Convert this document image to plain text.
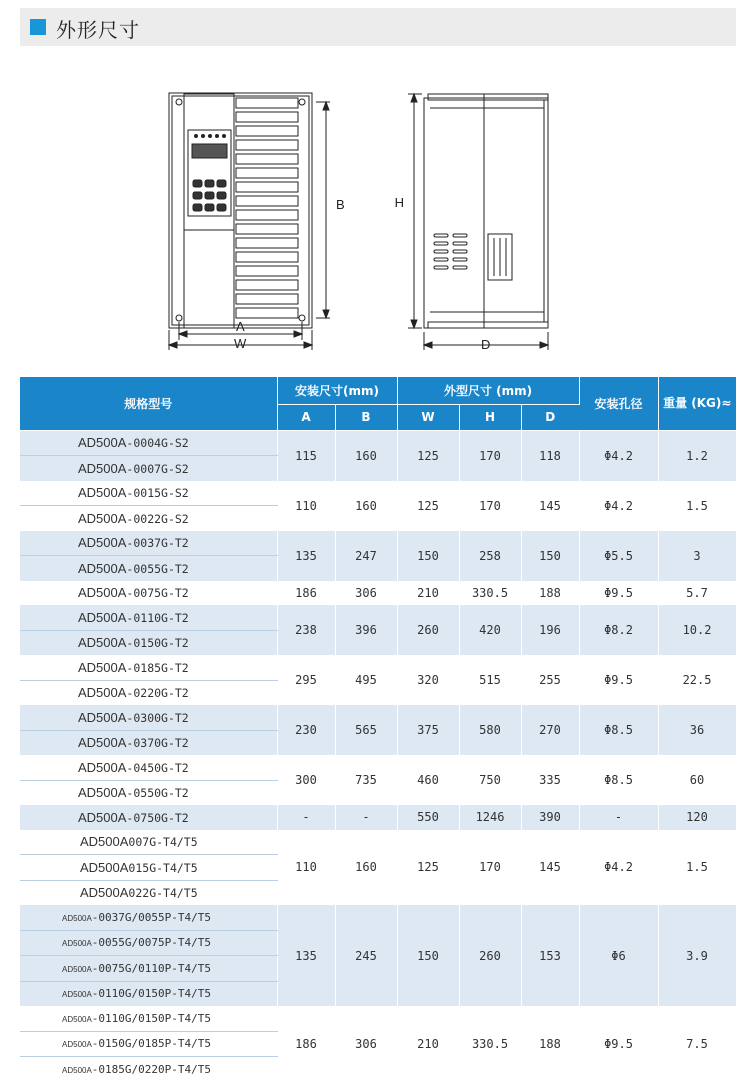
外形尺寸
B
A
W
H
D
规格型号	安装尺寸(mm)		外型尺寸 (mm)			安装孔径	重量 (KG)≈
	A	B	W	H	D		
AD500A-0004G-S2	115	160	125	170	118	Φ4.2	1.2
AD500A-0007G-S2							
AD500A-0015G-S2	110	160	125	170	145	Φ4.2	1.5
AD500A-0022G-S2							
AD500A-0037G-T2	135	247	150	258	150	Φ5.5	3
AD500A-0055G-T2							
AD500A-0075G-T2	186	306	210	330.5	188	Φ9.5	5.7
AD500A-0110G-T2	238	396	260	420	196	Φ8.2	10.2
AD500A-0150G-T2							
AD500A-0185G-T2	295	495	320	515	255	Φ9.5	22.5
AD500A-0220G-T2							
AD500A-0300G-T2	230	565	375	580	270	Φ8.5	36
AD500A-0370G-T2							
AD500A-0450G-T2	300	735	460	750	335	Φ8.5	60
AD500A-0550G-T2							
AD500A-0750G-T2	-	-	550	1246	390	-	120
AD500A007G-T4/T5	110	160	125	170	145	Φ4.2	1.5
AD500A015G-T4/T5							
AD500A022G-T4/T5							
AD500A-0037G/0055P-T4/T5	135	245	150	260	153	Φ6	3.9
AD500A-0055G/0075P-T4/T5							
AD500A-0075G/0110P-T4/T5							
AD500A-0110G/0150P-T4/T5							
AD500A-0110G/0150P-T4/T5	186	306	210	330.5	188	Φ9.5	7.5
AD500A-0150G/0185P-T4/T5							
AD500A-0185G/0220P-T4/T5							
